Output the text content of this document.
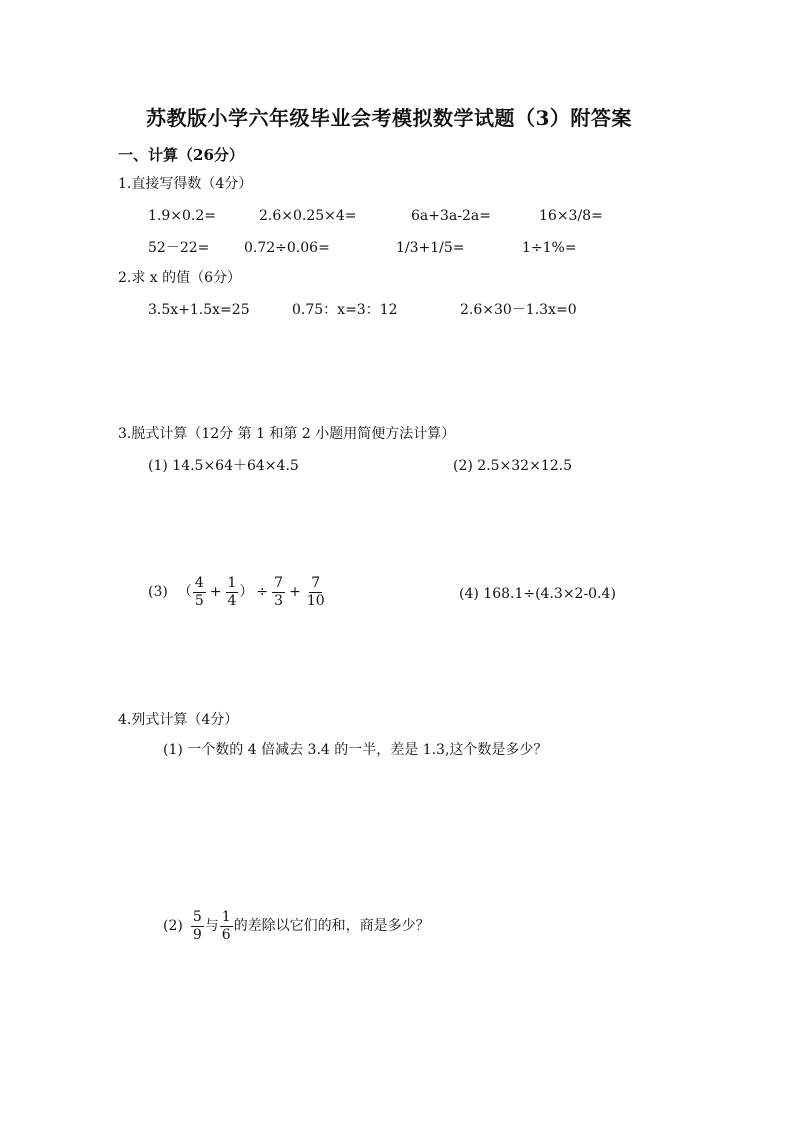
苏教版小学六年级毕业会考模拟数学试题（3）附答案
一、计算（26分）
1.直接写得数（4分）
1.9×0.2=	2.6×0.25×4=	6a+3a-2a=	16×3/8=
52－22= 0.72÷0.06=	1/3+1/5=	1÷1%=
2.求 x 的值（6分）
3.5x+1.5x=25	0.75：x=3：12	2.6×30－1.3x=0
3.脱式计算（12分 第 1 和第 2 小题用简便方法计算）
(1) 14.5×64＋64×4.5	(2) 2.5×32×12.5
(3) （ $\frac{4}{5} + \frac{1}{4}$ ） ÷ $\frac{7}{3} + \frac{7}{10}$	(4) 168.1÷(4.3×2-0.4)
4.列式计算（4分）
(1) 一个数的 4 倍减去 3.4 的一半，差是 1.3,这个数是多少？
$(2) \frac{5}{9}$ 与 $\frac{1}{6}$ 的差除以它们的和，商是多少？
